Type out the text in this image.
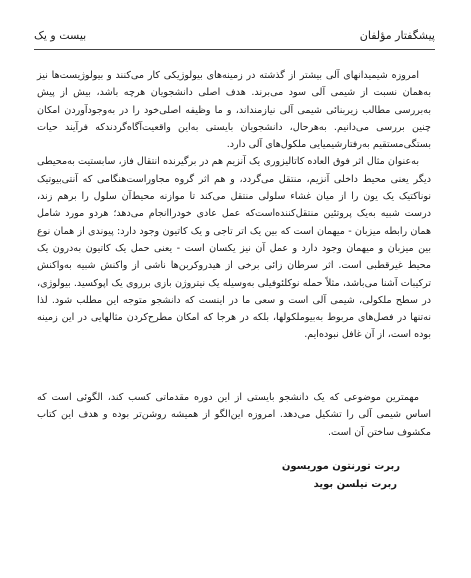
پیشگفتار مؤلفان
بیست و یک

امروزه شیمیدانهای آلی بیشتر از گذشته در زمینه‌های بیولوژیکی کار می‌کنند و بیولوژیست‌ها نیز به‌همان نسبت از شیمی آلی سود می‌برند. هدف اصلی دانشجویان هرچه باشد، بیش از پیش به‌بررسی مطالب زیربنائی شیمی آلی نیازمنداند، و ما وظیفه اصلی‌خود را در به‌وجودآوردن امکان چنین بررسی می‌دانیم. به‌هرحال، دانشجویان بایستی به‌این واقعیت‌آگاه‌گردند‌که فرآیند حیات بستگی‌مستقیم به‌رفتارشیمیایی ملکول‌های آلی دارد.

به‌عنوان مثال اثر فوق العاده کاتالیزوری یک آنزیم هم در برگیرنده انتقال فاز، سابستیت به‌محیطی دیگر یعنی محیط داخلی آنزیم، منتقل می‌گردد، و هم اثر گروه مجاوراست‌هنگامی که آنتی‌بیوتیک نوناکتیک یک یون را از میان غشاء سلولی منتقل می‌کند تا موازنه محیط‌آن سلول را برهم زند، درست شبیه به‌یک پروتئین منتقل‌کننده‌است‌که عمل عادی خود‌راانجام می‌دهد؛ هردو مورد شامل همان رابطه میزبان - میهمان است که بین یک اتر تاجی و یک کاتیون وجود دارد: پیوندی از همان نوع بین میزبان و میهمان وجود دارد و عمل آن نیز یکسان است - یعنی حمل یک کاتیون به‌درون یک محیط غیرقطبی است. اثر سرطان زائی برخی از هیدروکربن‌ها ناشی از واکنش شبیه به‌واکنش ترکیبات آشنا می‌باشد، مثلاً حمله نوکلئوفیلی به‌وسیله یک نیتروژن بازی برروی یک اپوکسید. بیولوژی، در سطح ملکولی، شیمی آلی است و سعی ما در اینست که دانشجو متوجه این مطلب شود. لذا نه‌تنها در فصل‌های مربوط به‌بیوملکولها، بلکه در هرجا که امکان مطرح‌کردن مثالهایی در این زمینه بوده است، از آن غافل نبوده‌ایم.

مهمترین موضوعی که یک دانشجو بایستی از این دوره مقدماتی کسب کند، الگوئی است که اساس شیمی آلی را تشکیل می‌دهد. امروزه این‌الگو از همیشه روشن‌تر بوده و هدف این کتاب مکشوف ساختن آن است.

ربرت تورنتون موریسون
ربرت نیلسن بوید
